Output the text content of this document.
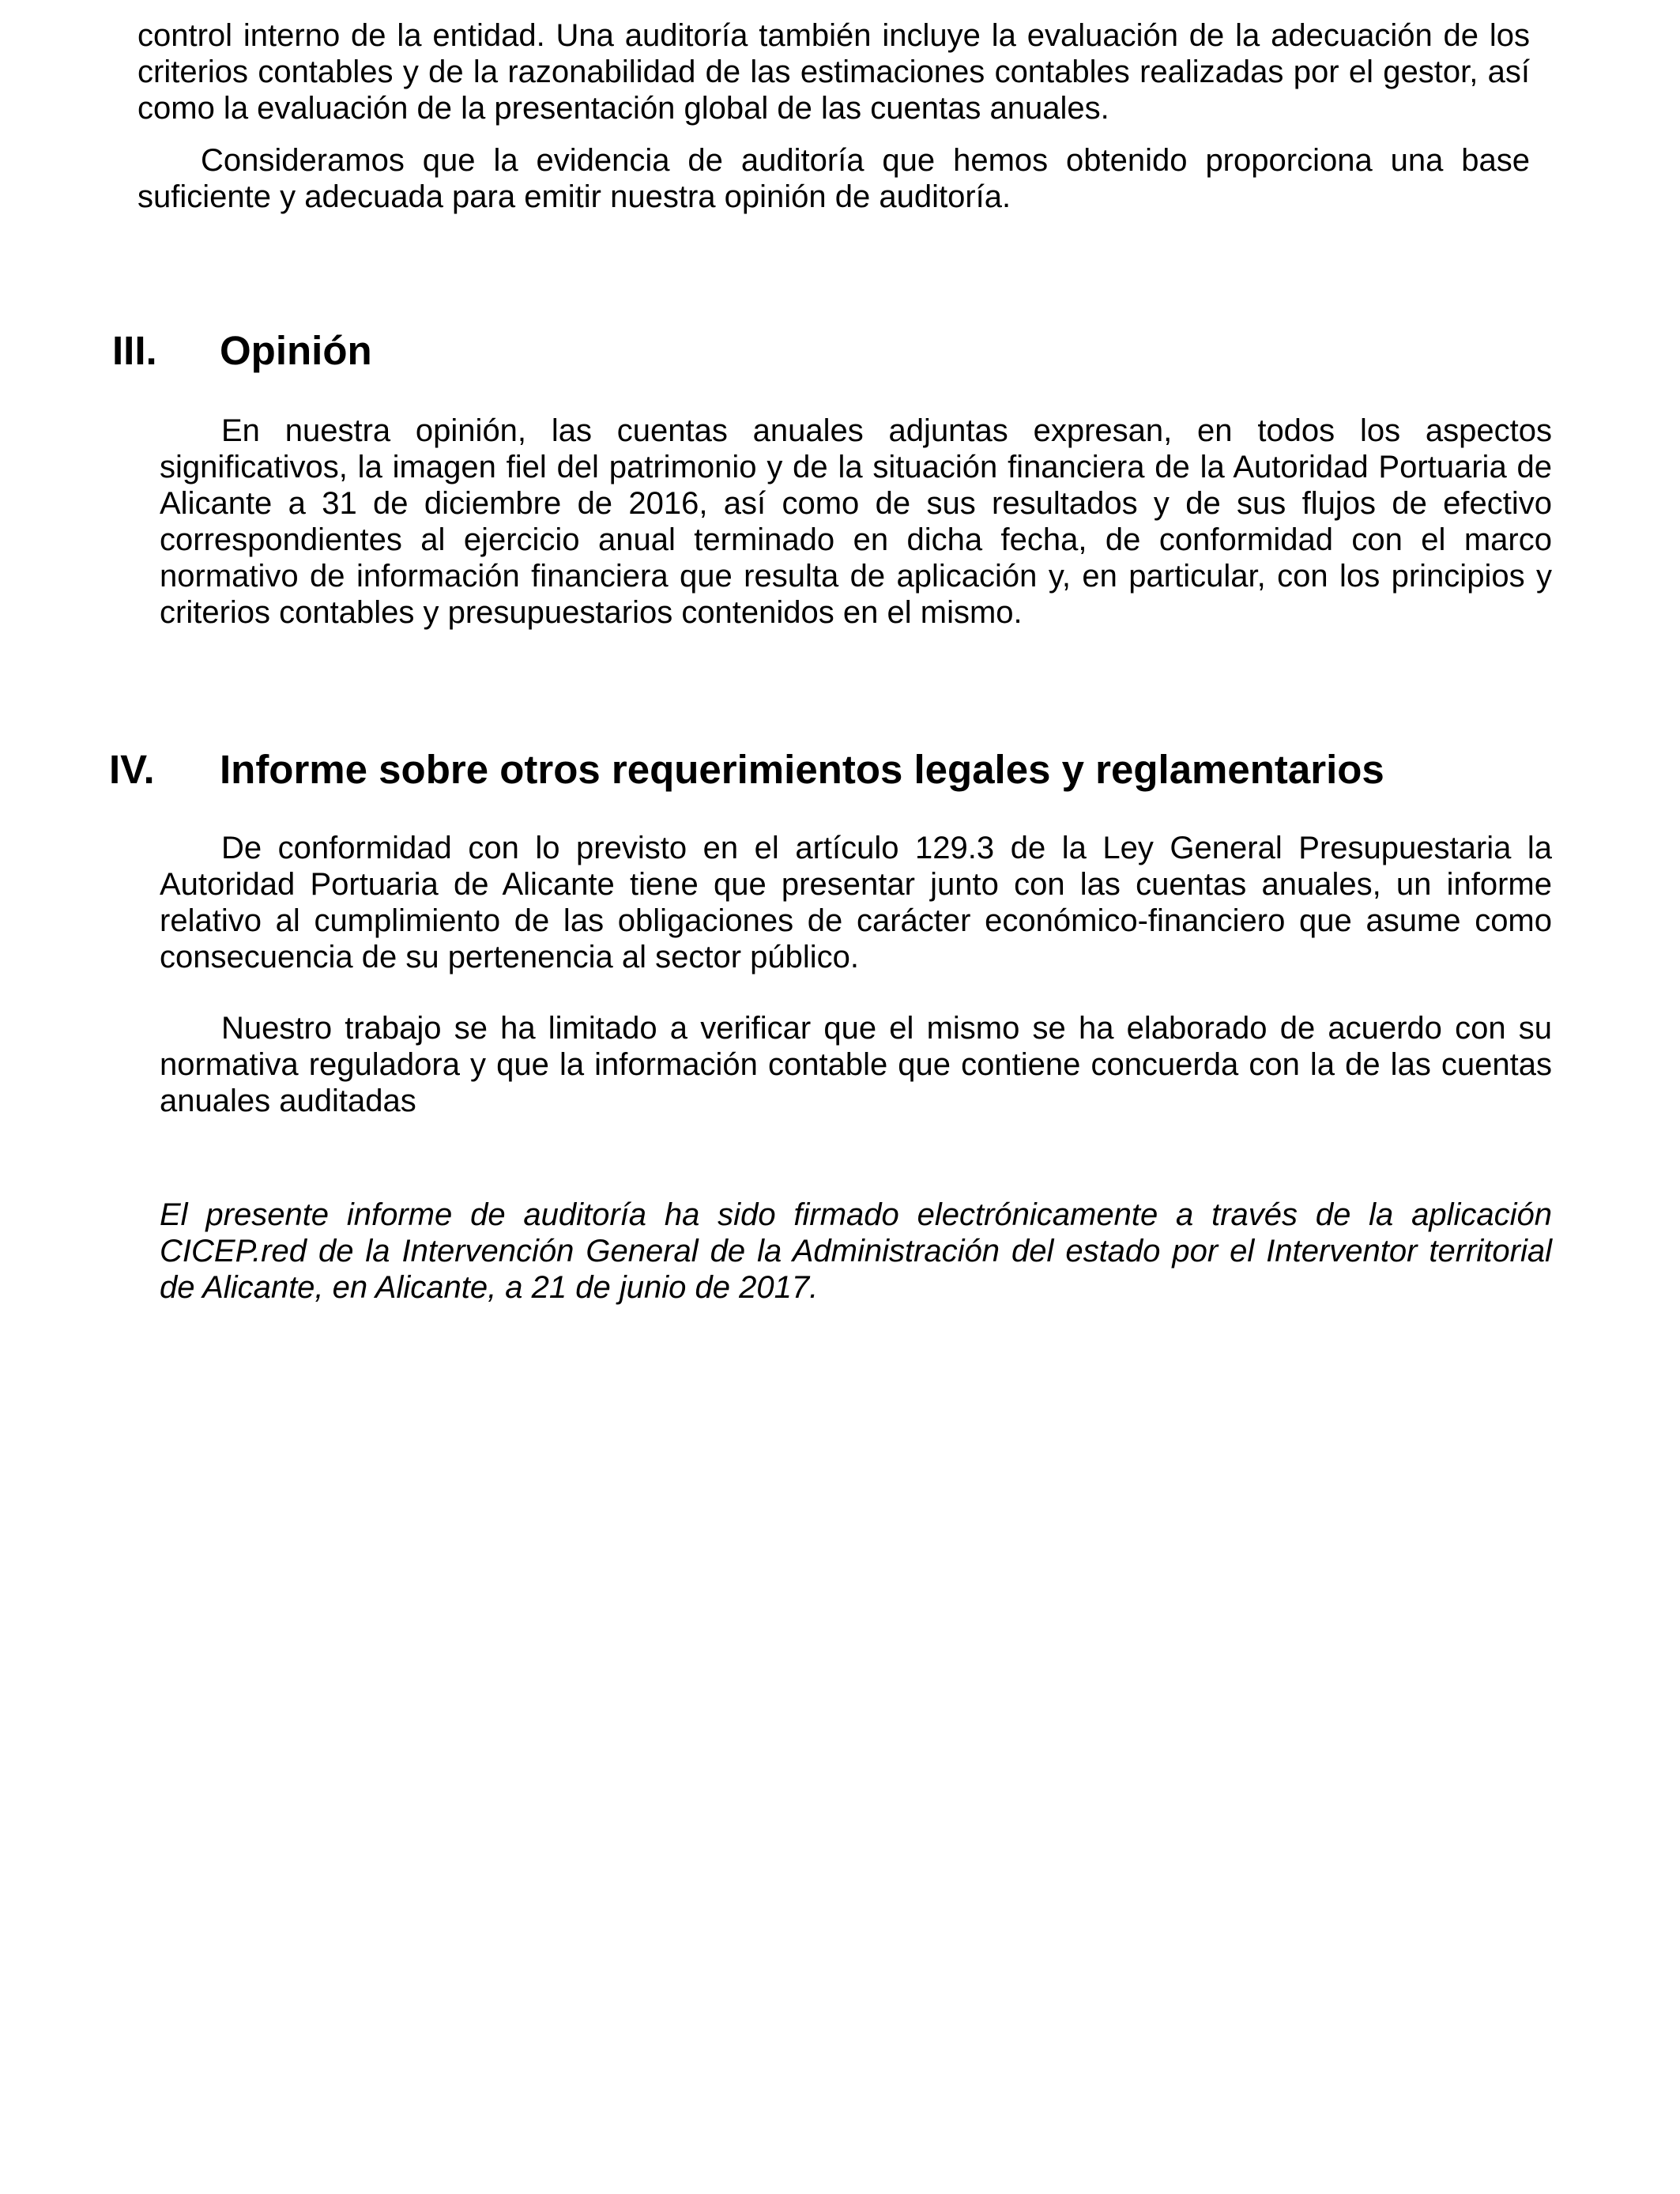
control interno de la entidad. Una auditoría también incluye la evaluación de la adecuación de los criterios contables y de la razonabilidad de las estimaciones contables realizadas por el gestor, así como la evaluación de la presentación global de las cuentas anuales.

Consideramos que la evidencia de auditoría que hemos obtenido proporciona una base suficiente y adecuada para emitir nuestra opinión de auditoría.

III. Opinión

En nuestra opinión, las cuentas anuales adjuntas expresan, en todos los aspectos significativos, la imagen fiel del patrimonio y de la situación financiera de la Autoridad Portuaria de Alicante a 31 de diciembre de 2016, así como de sus resultados y de sus flujos de efectivo correspondientes al ejercicio anual terminado en dicha fecha, de conformidad con el marco normativo de información financiera que resulta de aplicación y, en particular, con los principios y criterios contables y presupuestarios contenidos en el mismo.

IV. Informe sobre otros requerimientos legales y reglamentarios

De conformidad con lo previsto en el artículo 129.3 de la Ley General Presupuestaria la Autoridad Portuaria de Alicante tiene que presentar junto con las cuentas anuales, un informe relativo al cumplimiento de las obligaciones de carácter económico-financiero que asume como consecuencia de su pertenencia al sector público.

Nuestro trabajo se ha limitado a verificar que el mismo se ha elaborado de acuerdo con su normativa reguladora y que la información contable que contiene concuerda con la de las cuentas anuales auditadas

El presente informe de auditoría ha sido firmado electrónicamente a través de la aplicación CICEP.red de la Intervención General de la Administración del estado por el Interventor territorial de Alicante, en Alicante, a 21 de junio de 2017.
